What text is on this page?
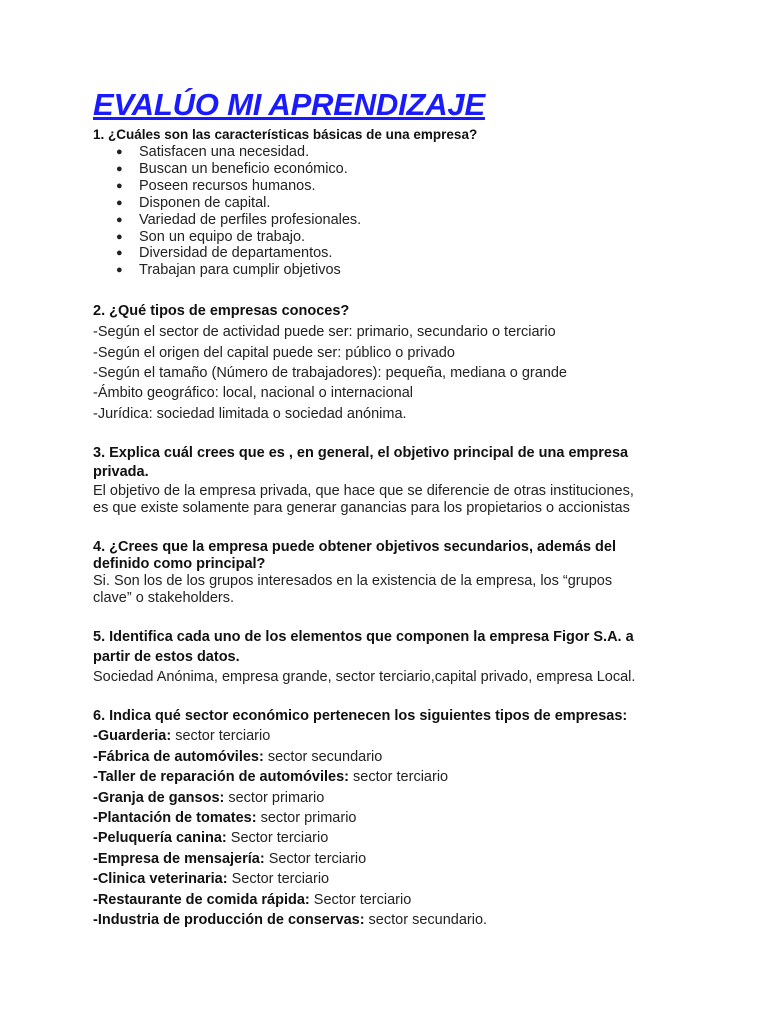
EVALÚO MI APRENDIZAJE

1. ¿Cuáles son las características básicas de una empresa?

● Satisfacen una necesidad.
● Buscan un beneficio económico.
● Poseen recursos humanos.
● Disponen de capital.
● Variedad de perfiles profesionales.
● Son un equipo de trabajo.
● Diversidad de departamentos.
● Trabajan para cumplir objetivos

2. ¿Qué tipos de empresas conoces?

-Según el sector de actividad puede ser: primario, secundario o terciario

-Según el origen del capital puede ser: público o privado

-Según el tamaño (Número de trabajadores): pequeña, mediana o grande

-Ámbito geográfico: local, nacional o internacional

-Jurídica: sociedad limitada o sociedad anónima.

3. Explica cuál crees que es , en general, el objetivo principal de una empresa

privada.

El objetivo de la empresa privada, que hace que se diferencie de otras instituciones,

es que existe solamente para generar ganancias para los propietarios o accionistas

4. ¿Crees que la empresa puede obtener objetivos secundarios, además del

definido como principal?

Si. Son los de los grupos interesados en la existencia de la empresa, los “grupos

clave” o stakeholders.

5. Identifica cada uno de los elementos que componen la empresa Figor S.A. a

partir de estos datos.

Sociedad Anónima, empresa grande, sector terciario,capital privado, empresa Local.

6. Indica qué sector económico pertenecen los siguientes tipos de empresas:

-Guarderia: sector terciario

-Fábrica de automóviles: sector secundario

-Taller de reparación de automóviles: sector terciario

-Granja de gansos: sector primario

-Plantación de tomates: sector primario

-Peluquería canina: Sector terciario

-Empresa de mensajería: Sector terciario

-Clinica veterinaria: Sector terciario

-Restaurante de comida rápida: Sector terciario

-Industria de producción de conservas: sector secundario.
